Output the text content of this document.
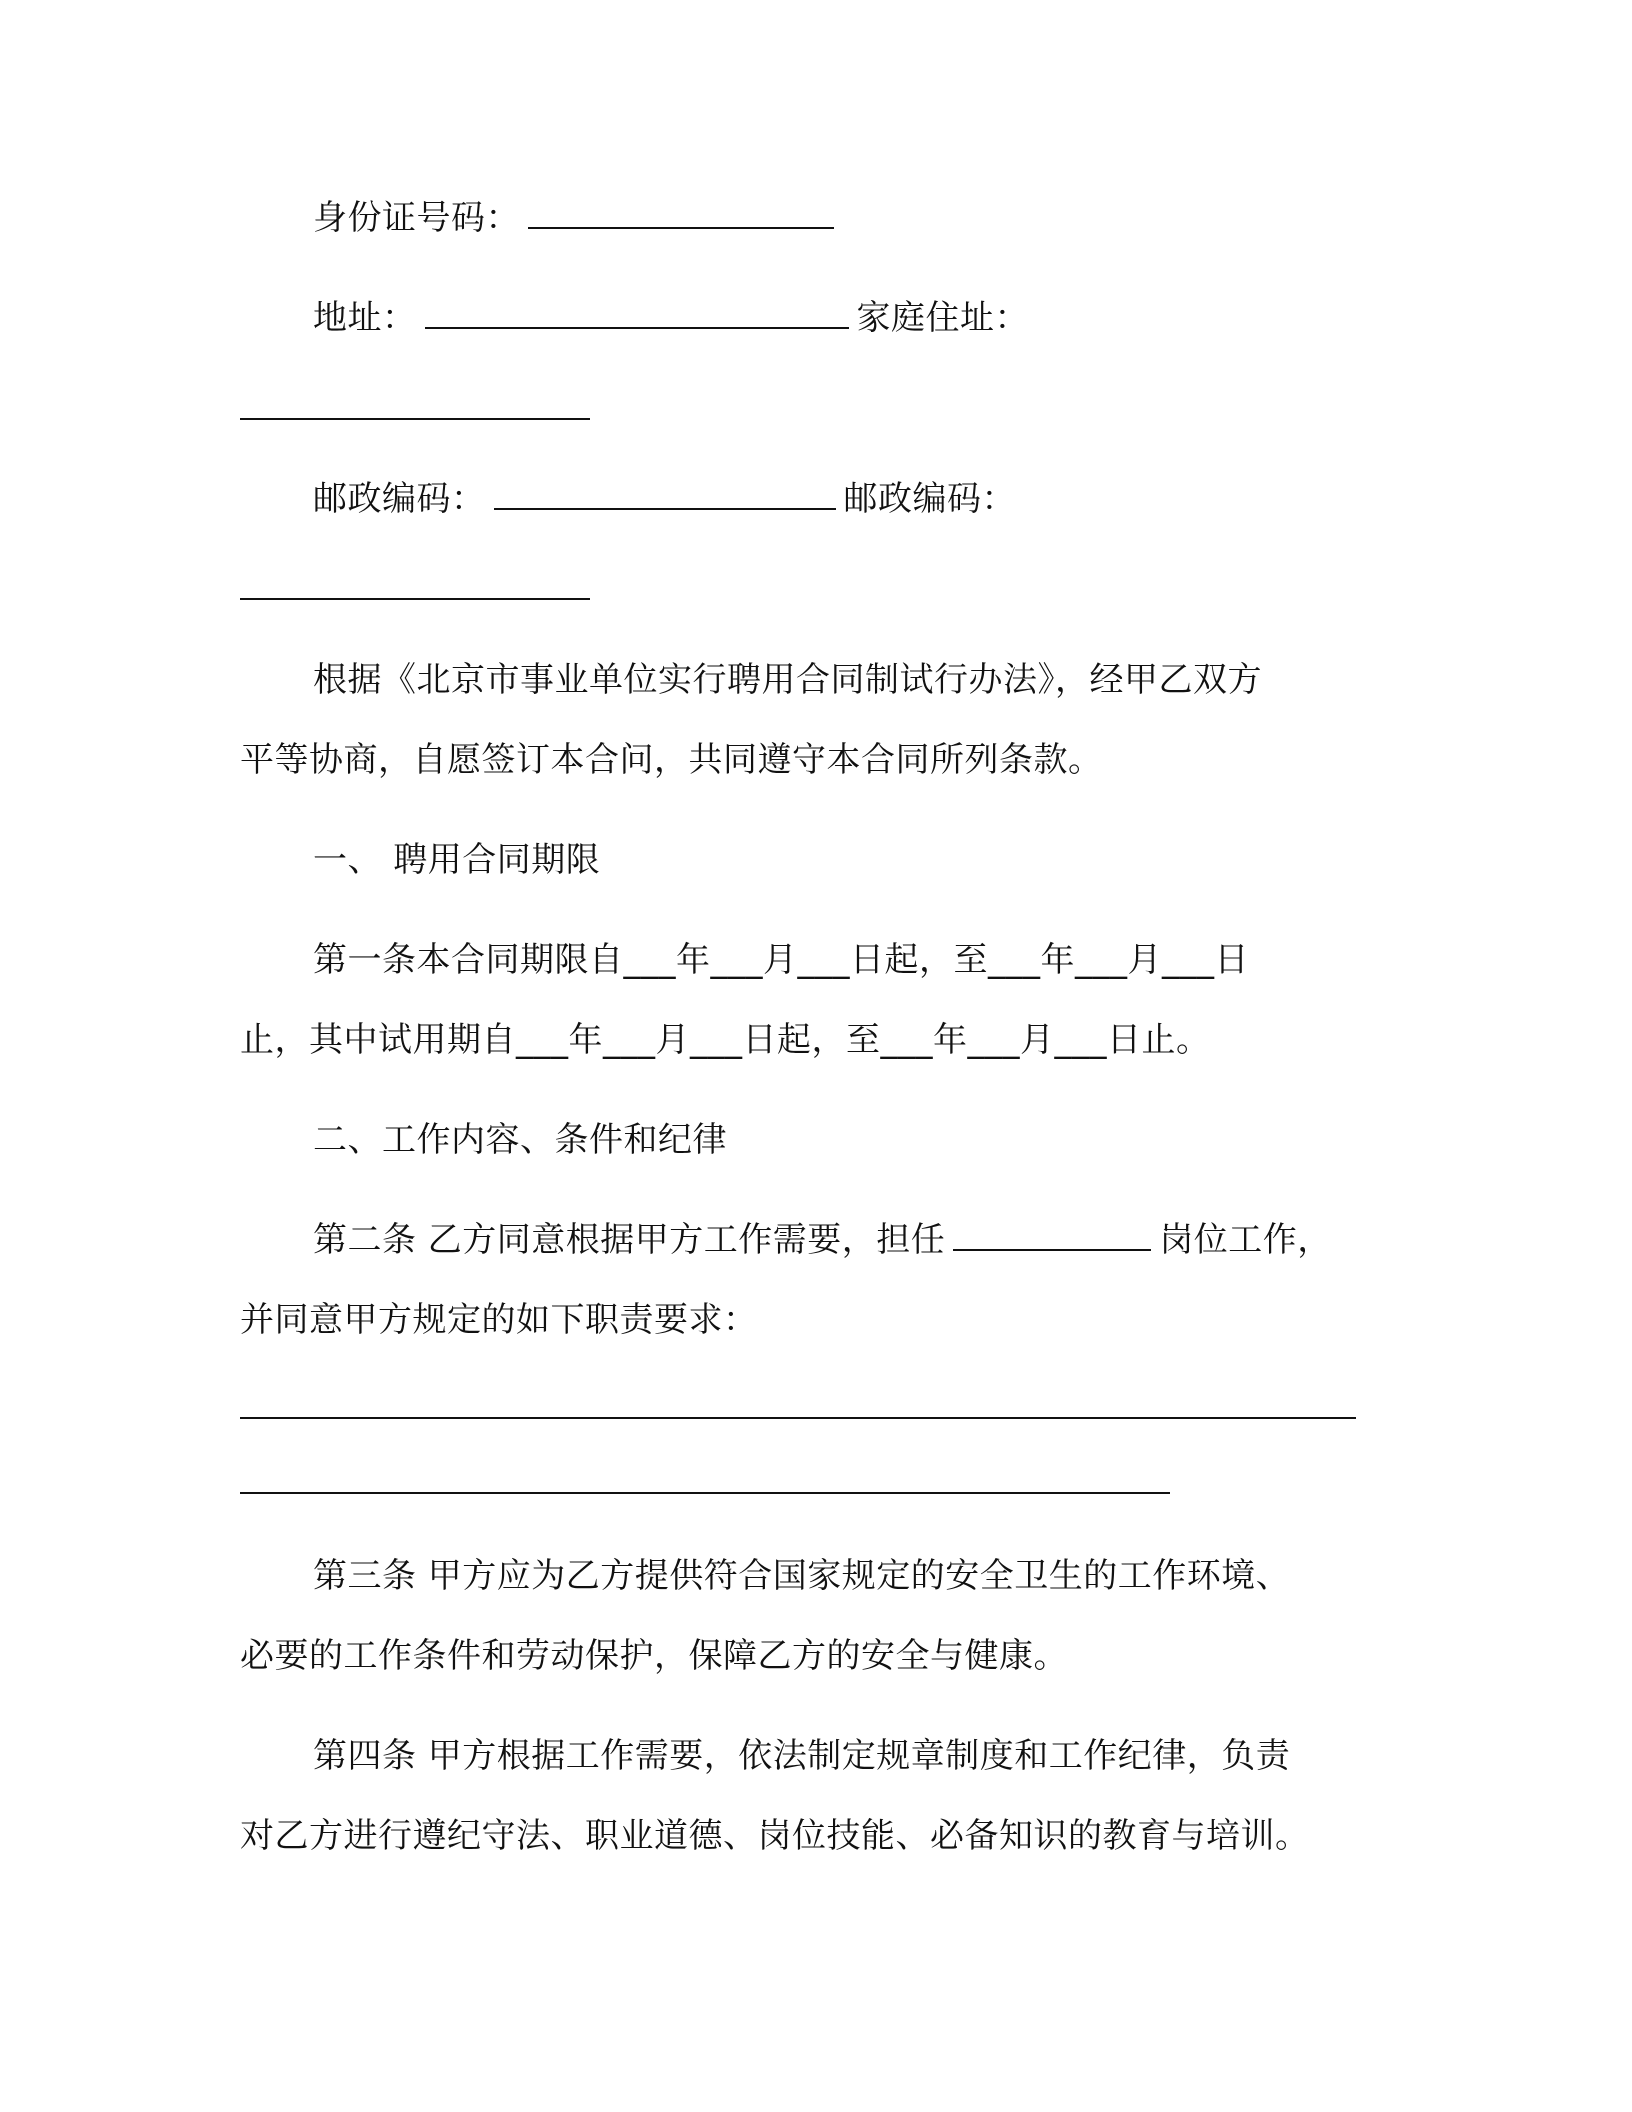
身份证号码：
地址：	家庭住址：
邮政编码：	邮政编码：
根据《北京市事业单位实行聘用合同制试行办法》，经甲乙双方
平等协商，自愿签订本合问，共同遵守本合同所列条款。
一、 聘用合同期限
第一条本合同期限自___年___月___日起，至___年___月___日
止，其中试用期自___年___月___日起，至___年___月___日止。
二、工作内容、条件和纪律
第二条 乙方同意根据甲方工作需要，担任	岗位工作，
并同意甲方规定的如下职责要求：
第三条 甲方应为乙方提供符合国家规定的安全卫生的工作环境、
必要的工作条件和劳动保护，保障乙方的安全与健康。
第四条 甲方根据工作需要，依法制定规章制度和工作纪律，负责
对乙方进行遵纪守法、职业道德、岗位技能、必备知识的教育与培训。
